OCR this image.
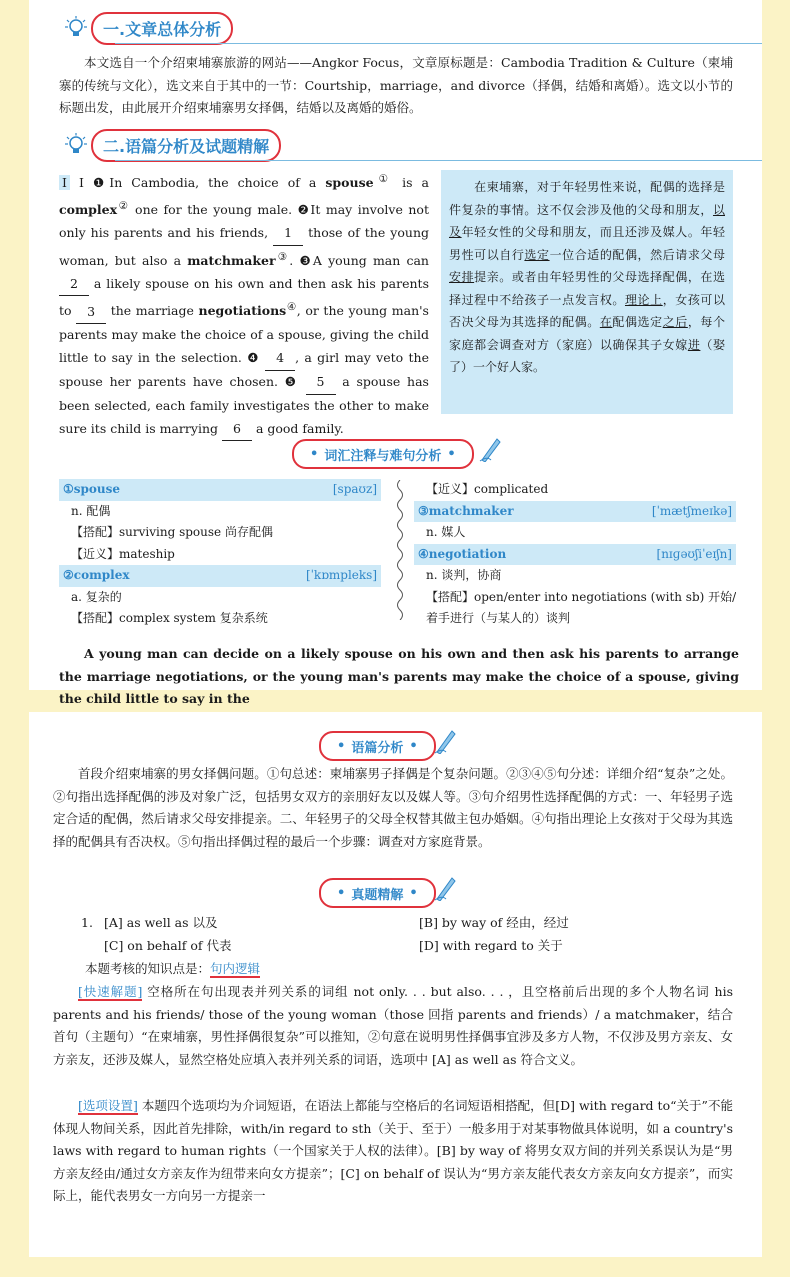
一.文章总体分析
本文选自一个介绍柬埔寨旅游的网站——Angkor Focus，文章原标题是：Cambodia Tradition & Culture（柬埔寨的传统与文化），选文来自于其中的一节：Courtship，marriage，and divorce（择偶，结婚和离婚）。选文以小节的标题出发，由此展开介绍柬埔寨男女择偶，结婚以及离婚的婚俗。
二.语篇分析及试题精解
I I ❶In Cambodia, the choice of a spouse① is a complex② one for the young male. ❷It may involve not only his parents and his friends, 1 those of the young woman, but also a matchmaker③. ❸A young man can 2 a likely spouse on his own and then ask his parents to 3 the marriage negotiations④, or the young man's parents may make the choice of a spouse, giving the child little to say in the selection. ❹ 4 , a girl may veto the spouse her parents have chosen. ❺ 5 a spouse has been selected, each family investigates the other to make sure its child is marrying 6 a good family.
　　在柬埔寨，对于年轻男性来说，配偶的选择是件复杂的事情。这不仅会涉及他的父母和朋友，以及年轻女性的父母和朋友，而且还涉及媒人。年轻男性可以自行选定一位合适的配偶，然后请求父母安排提亲。或者由年轻男性的父母选择配偶，在选择过程中不给孩子一点发言权。理论上，女孩可以否决父母为其选择的配偶。在配偶选定之后，每个家庭都会调查对方（家庭）以确保其子女嫁进（娶了）一个好人家。
• 词汇注释与难句分析 •
①spouse	[spaʊz]
n. 配偶
【搭配】surviving spouse 尚存配偶
【近义】mateship
②complex	[ˈkɒmpleks]
a. 复杂的
【搭配】complex system 复杂系统
【近义】complicated
③matchmaker	[ˈmætʃmeɪkə]
n. 媒人
④negotiation	[nɪɡəʊʃiˈeɪʃn]
n. 谈判，协商
【搭配】open/enter into negotiations (with sb) 开始/
着手进行（与某人的）谈判
A young man can decide on a likely spouse on his own and then ask his parents to arrange the marriage negotiations, or the young man's parents may make the choice of a spouse, giving the child little to say in the
• 语篇分析 •
首段介绍柬埔寨的男女择偶问题。①句总述：柬埔寨男子择偶是个复杂问题。②③④⑤句分述：详细介绍“复杂”之处。②句指出选择配偶的涉及对象广泛，包括男女双方的亲朋好友以及媒人等。③句介绍男性选择配偶的方式：一、年轻男子选定合适的配偶，然后请求父母安排提亲。二、年轻男子的父母全权替其做主包办婚姻。④句指出理论上女孩对于父母为其选择的配偶具有否决权。⑤句指出择偶过程的最后一个步骤：调查对方家庭背景。
• 真题精解 •
1. [A] as well as 以及	[B] by way of 经由，经过
[C] on behalf of 代表	[D] with regard to 关于
本题考核的知识点是：句内逻辑
[快速解题] 空格所在句出现表并列关系的词组 not only. . . but also. . . ，且空格前后出现的多个人物名词 his parents and his friends/ those of the young woman（those 回指 parents and friends）/ a matchmaker，结合首句（主题句）“在柬埔寨，男性择偶很复杂”可以推知，②句意在说明男性择偶事宜涉及多方人物，不仅涉及男方亲友、女方亲友，还涉及媒人，显然空格处应填入表并列关系的词语，选项中 [A] as well as 符合文义。
[选项设置] 本题四个选项均为介词短语，在语法上都能与空格后的名词短语相搭配，但[D] with regard to“关于”不能体现人物间关系，因此首先排除，with/in regard to sth（关于、至于）一般多用于对某事物做具体说明，如 a country's laws with regard to human rights（一个国家关于人权的法律）。[B] by way of 将男女双方间的并列关系误认为是“男方亲友经由/通过女方亲友作为纽带来向女方提亲”；[C] on behalf of 误认为“男方亲友能代表女方亲友向女方提亲”，而实际上，能代表男女一方向另一方提亲一
